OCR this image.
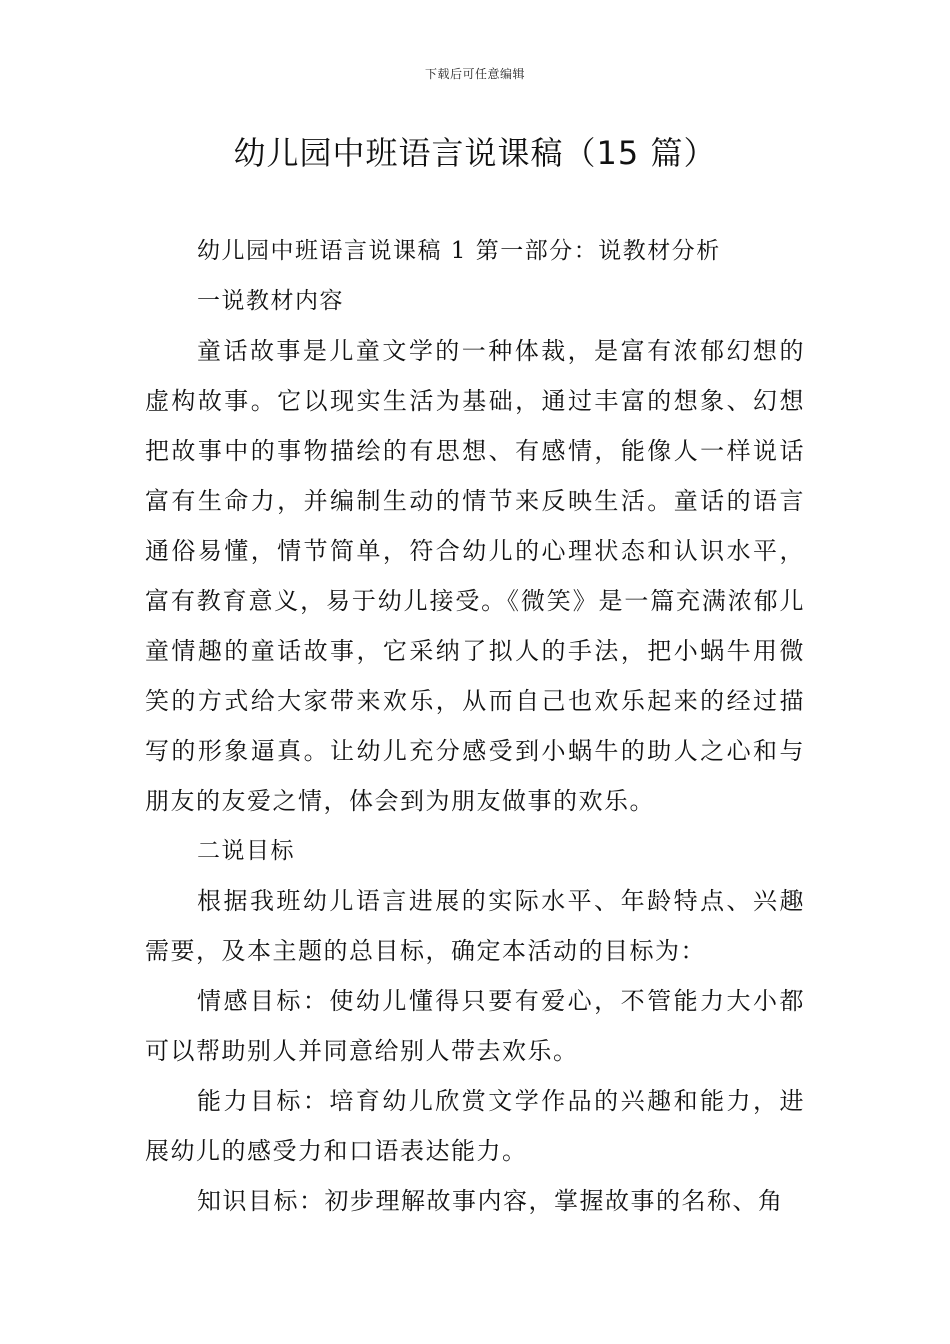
下载后可任意编辑
幼儿园中班语言说课稿（15 篇）

幼儿园中班语言说课稿 1 第一部分：说教材分析

一说教材内容

童话故事是儿童文学的一种体裁，是富有浓郁幻想的虚构故事。它以现实生活为基础，通过丰富的想象、幻想把故事中的事物描绘的有思想、有感情，能像人一样说话富有生命力，并编制生动的情节来反映生活。童话的语言通俗易懂，情节简单，符合幼儿的心理状态和认识水平，富有教育意义，易于幼儿接受。《微笑》是一篇充满浓郁儿童情趣的童话故事，它采纳了拟人的手法，把小蜗牛用微笑的方式给大家带来欢乐，从而自己也欢乐起来的经过描写的形象逼真。让幼儿充分感受到小蜗牛的助人之心和与朋友的友爱之情，体会到为朋友做事的欢乐。

二说目标

根据我班幼儿语言进展的实际水平、年龄特点、兴趣需要，及本主题的总目标，确定本活动的目标为：

情感目标：使幼儿懂得只要有爱心，不管能力大小都可以帮助别人并同意给别人带去欢乐。

能力目标：培育幼儿欣赏文学作品的兴趣和能力，进展幼儿的感受力和口语表达能力。

知识目标：初步理解故事内容，掌握故事的名称、角
